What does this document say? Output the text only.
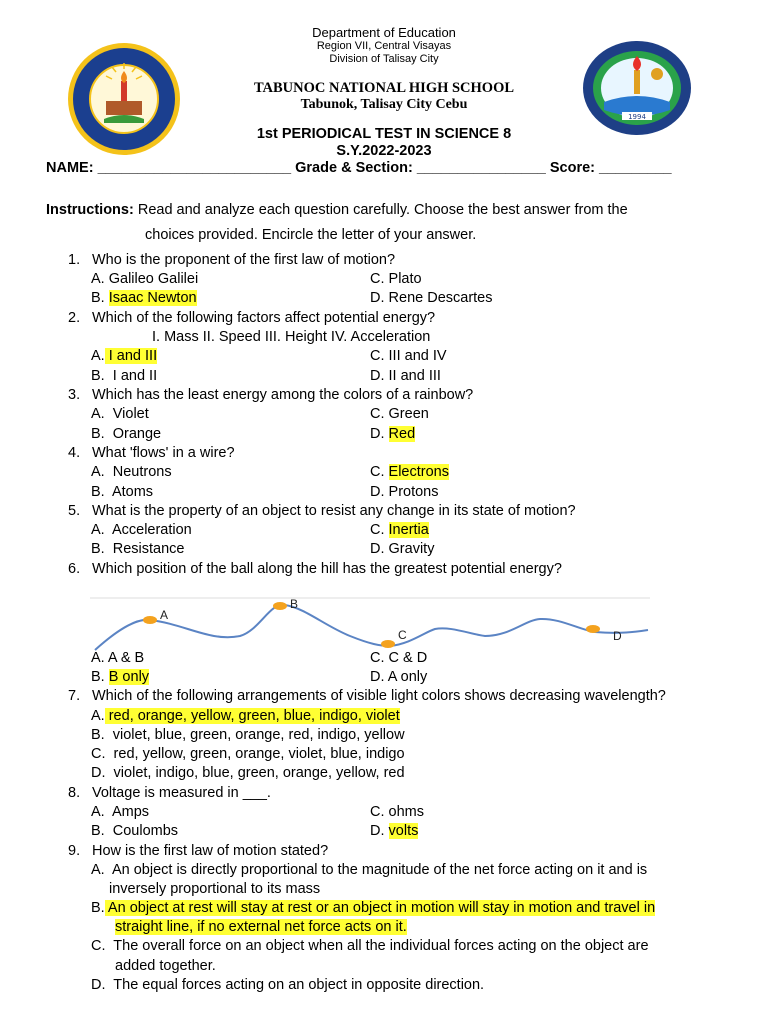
1994
Department of Education
Region VII, Central Visayas
Division of Talisay City
TABUNOC NATIONAL HIGH SCHOOL
Tabunok, Talisay City Cebu
1st PERIODICAL TEST IN SCIENCE 8
S.Y.2022-2023
NAME: ________________________ Grade & Section: ________________ Score: _________
Instructions: Read and analyze each question carefully. Choose the best answer from the
choices provided. Encircle the letter of your answer.
1. Who is the proponent of the first law of motion?
A. Galileo Galilei	C. Plato
B. Isaac Newton	D. Rene Descartes
2. Which of the following factors affect potential energy?
I. Mass II. Speed III. Height IV. Acceleration
A. I and III	C. III and IV
B.  I and II	D. II and III
3. Which has the least energy among the colors of a rainbow?
A.  Violet	C. Green
B.  Orange	D. Red
4. What 'flows' in a wire?
A.  Neutrons	C. Electrons
B.  Atoms	D. Protons
5. What is the property of an object to resist any change in its state of motion?
A.  Acceleration	C. Inertia
B.  Resistance	D. Gravity
6. Which position of the ball along the hill has the greatest potential energy?
A
B
C	D
A. A & B	C. C & D
B. B only	D. A only
7. Which of the following arrangements of visible light colors shows decreasing wavelength?
A. red, orange, yellow, green, blue, indigo, violet
B.  violet, blue, green, orange, red, indigo, yellow
C.  red, yellow, green, orange, violet, blue, indigo
D.  violet, indigo, blue, green, orange, yellow, red
8. Voltage is measured in ___.
A.  Amps	C. ohms
B.  Coulombs	D. volts
9. How is the first law of motion stated?
A.  An object is directly proportional to the magnitude of the net force acting on it and is
inversely proportional to its mass
B. An object at rest will stay at rest or an object in motion will stay in motion and travel in
straight line, if no external net force acts on it.
C.  The overall force on an object when all the individual forces acting on the object are
added together.
D.  The equal forces acting on an object in opposite direction.
